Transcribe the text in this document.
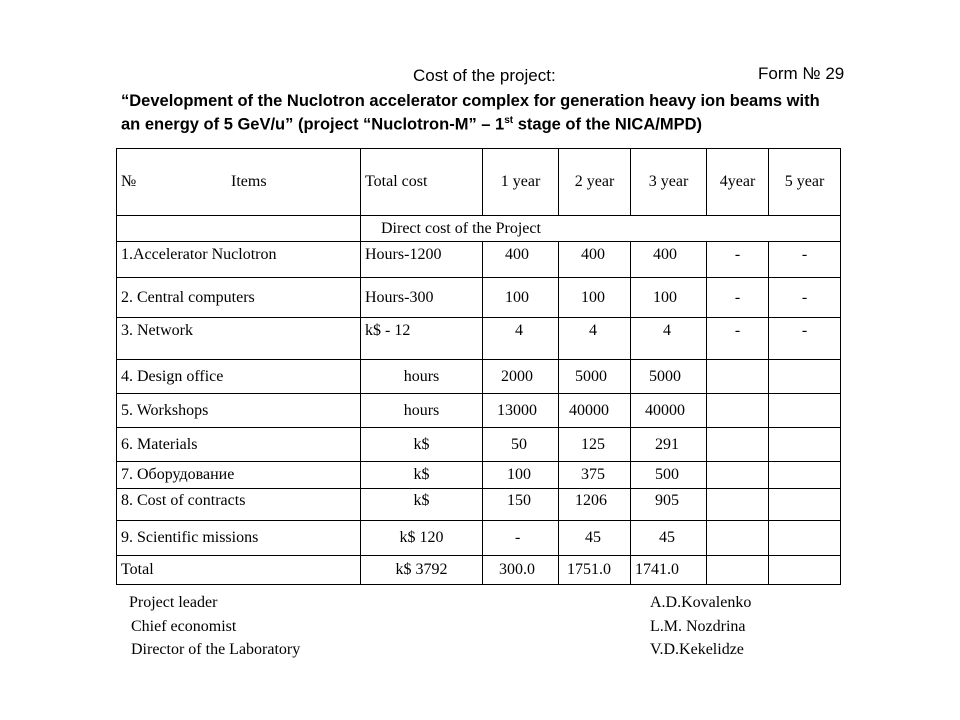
Cost of the project:	Form № 29
“Development of the Nuclotron accelerator complex for generation heavy ion beams with
an energy of 5 GeV/u” (project “Nuclotron-M” – 1st stage of the NICA/MPD)
№ Items	Total cost	1 year	2 year	3 year	4year	5 year
	Direct cost of the Project					
1.Accelerator Nuclotron	Hours-1200	400	400	400	-	-
2. Central computers	Hours-300	100	100	100	-	-
3. Network	k$ - 12	4	4	4	-	-
4. Design office	hours	2000	5000	5000		
5. Workshops	hours	13000	40000	40000		
6. Materials	k$	50	125	291		
7. Оборудование	k$	100	375	500		
8. Cost of contracts	k$	150	1206	905		
9. Scientific missions	k$ 120	-	45	45		
Total	k$ 3792	300.0	1751.0	1741.0		
Project leader	A.D.Kovalenko
Chief economist	L.M. Nozdrina
Director of the Laboratory	V.D.Kekelidze
